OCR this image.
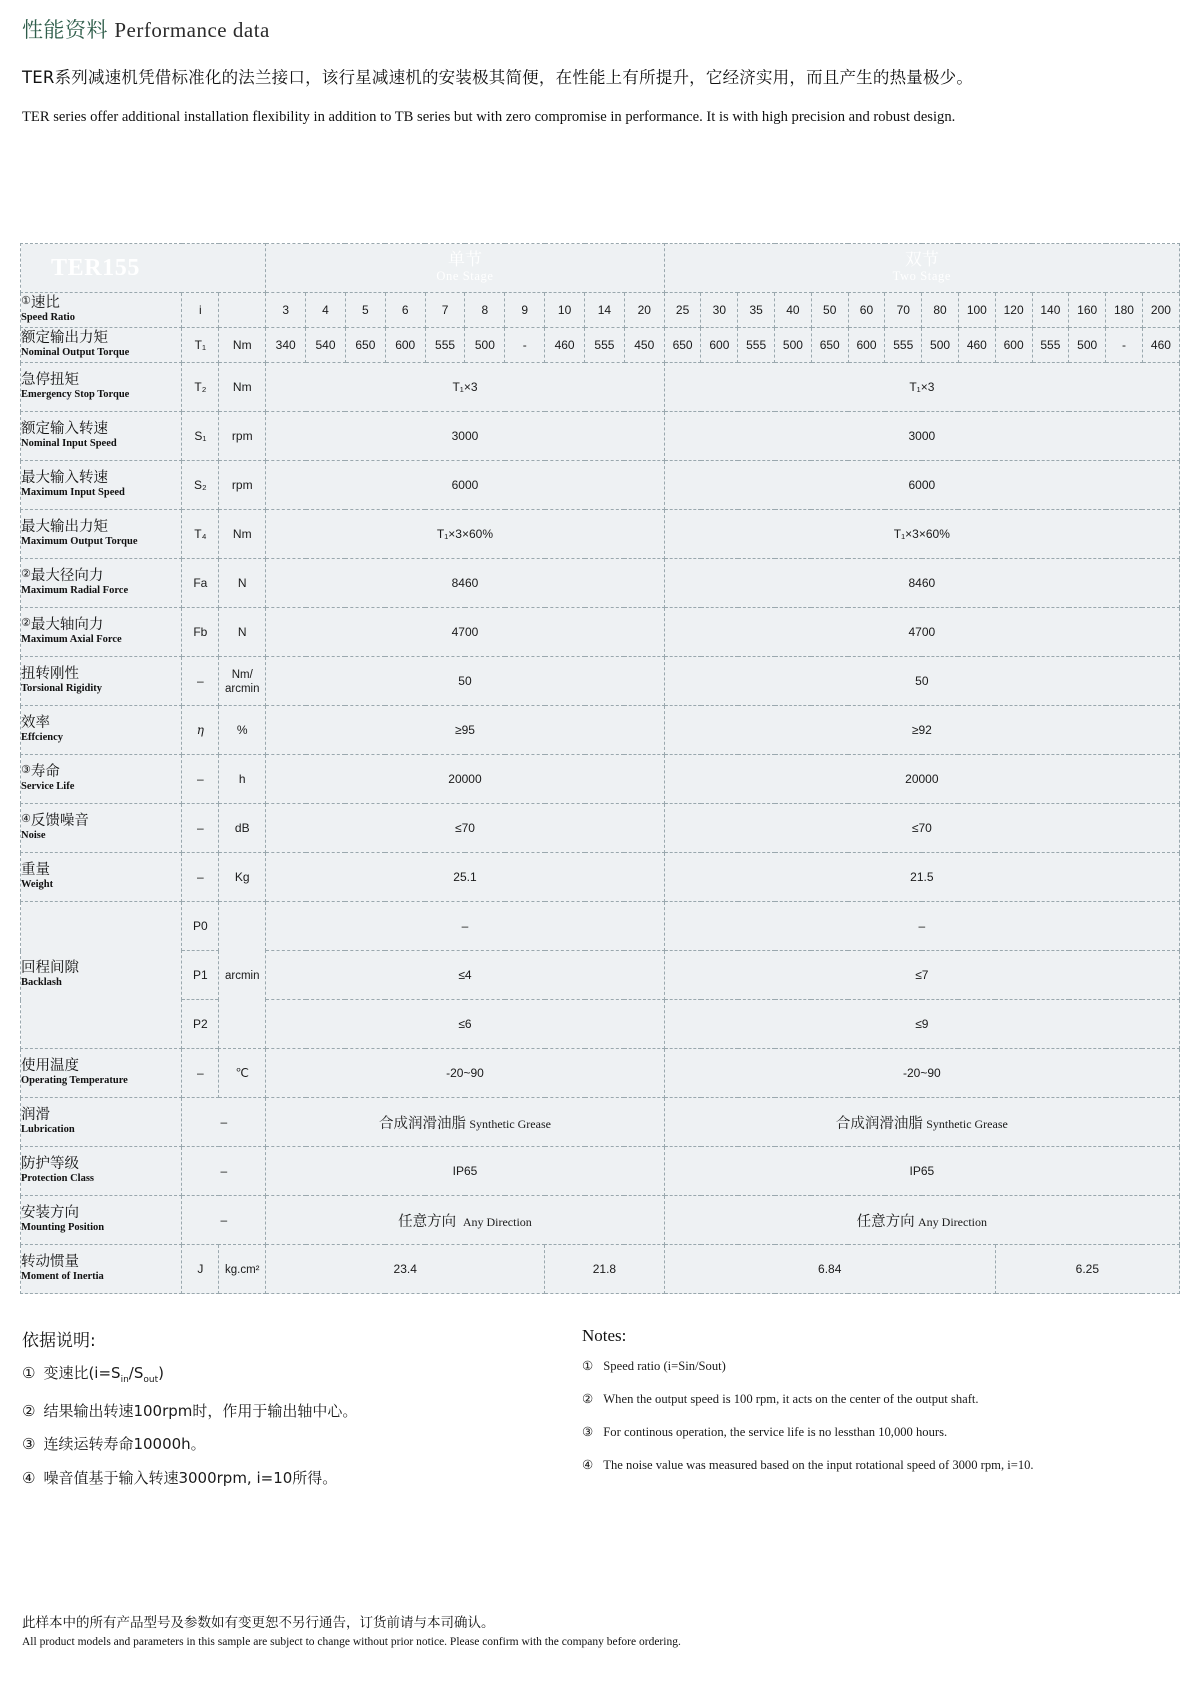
性能资料 Performance data
TER系列减速机凭借标准化的法兰接口，该行星减速机的安装极其简便，在性能上有所提升，它经济实用，而且产生的热量极少。
TER series offer additional installation flexibility in addition to TB series but with zero compromise in performance. It is with high precision and robust design.
TER155			单节
One Stage										双节
Two Stage													

①速比
Speed Ratio	i		3	4	5	6	7	8	9	10	14	20	25	30	35	40	50	60	70	80	100	120	140	160	180	200

额定输出力矩
Nominal Output Torque	T₁	Nm	340	540	650	600	555	500	-	460	555	450	650	600	555	500	650	600	555	500	460	600	555	500	-	460

急停扭矩
Emergency Stop Torque	T₂	Nm	T₁×3										T₁×3													

额定输入转速
Nominal Input Speed	S₁	rpm	3000										3000													

最大输入转速
Maximum Input Speed	S₂	rpm	6000										6000													

最大输出力矩
Maximum Output Torque	T₄	Nm	T₁×3×60%										T₁×3×60%													

②最大径向力
Maximum Radial Force	Fa	N	8460										8460													

②最大轴向力
Maximum Axial Force	Fb	N	4700										4700													

扭转刚性
Torsional Rigidity	–	Nm/
arcmin	50										50													

效率
Effciency	η	%	≥95										≥92													

③寿命
Service Life	–	h	20000										20000													

④反馈噪音
Noise	–	dB	≤70										≤70													

重量
Weight	–	Kg	25.1										21.5													

回程间隙
Backlash	P0	arcmin	–										–													
	P1		≤4										≤7													
	P2		≤6										≤9													

使用温度
Operating Temperature	–	℃	-20~90										-20~90													

润滑
Lubrication	–		合成润滑油脂 Synthetic Grease										合成润滑油脂 Synthetic Grease													

防护等级
Protection Class	–		IP65										IP65													

安装方向
Mounting Position	–		任意方向 Any Direction										任意方向 Any Direction													

转动惯量
Moment of Inertia	J	kg.cm²	23.4							21.8			6.84									6.25				
依据说明:
① 变速比$(i=S_{in}/S_{out})$
② 结果输出转速100rpm时，作用于输出轴中心。
③ 连续运转寿命10000h。
④ 噪音值基于输入转速3000rpm, i=10所得。
Notes:
① Speed ratio (i=Sin/Sout)
② When the output speed is 100 rpm, it acts on the center of the output shaft.
③ For continous operation, the service life is no lessthan 10,000 hours.
④ The noise value was measured based on the input rotational speed of 3000 rpm, i=10.
此样本中的所有产品型号及参数如有变更恕不另行通告，订货前请与本司确认。
All product models and parameters in this sample are subject to change without prior notice. Please confirm with the company before ordering.
